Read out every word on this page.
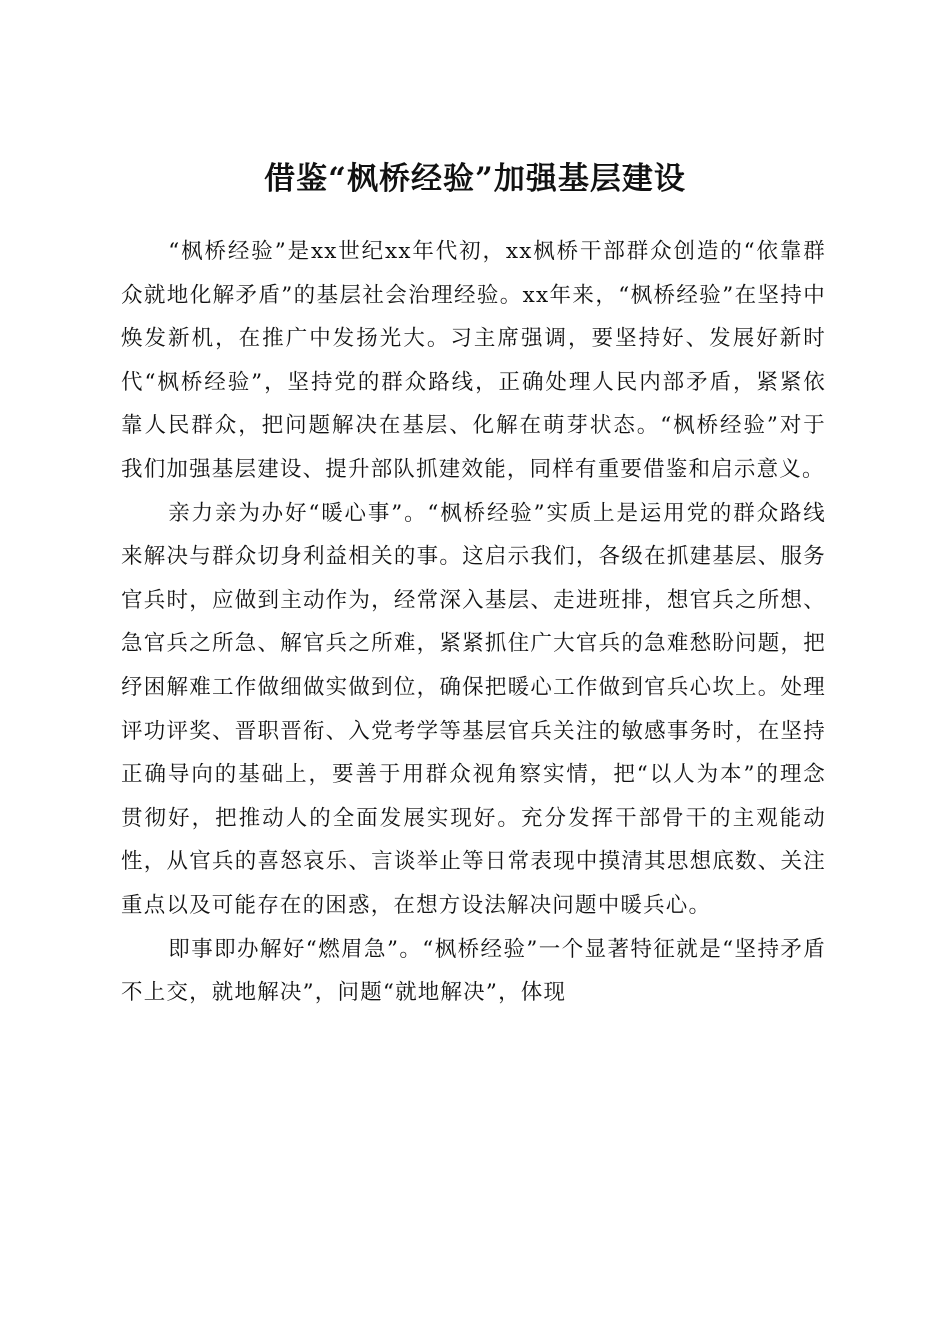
借鉴“枫桥经验”加强基层建设

“枫桥经验”是xx世纪xx年代初，xx枫桥干部群众创造的“依靠群众就地化解矛盾”的基层社会治理经验。xx年来，“枫桥经验”在坚持中焕发新机，在推广中发扬光大。习主席强调，要坚持好、发展好新时代“枫桥经验”，坚持党的群众路线，正确处理人民内部矛盾，紧紧依靠人民群众，把问题解决在基层、化解在萌芽状态。“枫桥经验”对于我们加强基层建设、提升部队抓建效能，同样有重要借鉴和启示意义。

亲力亲为办好“暖心事”。“枫桥经验”实质上是运用党的群众路线来解决与群众切身利益相关的事。这启示我们，各级在抓建基层、服务官兵时，应做到主动作为，经常深入基层、走进班排，想官兵之所想、急官兵之所急、解官兵之所难，紧紧抓住广大官兵的急难愁盼问题，把纾困解难工作做细做实做到位，确保把暖心工作做到官兵心坎上。处理评功评奖、晋职晋衔、入党考学等基层官兵关注的敏感事务时，在坚持正确导向的基础上，要善于用群众视角察实情，把“以人为本”的理念贯彻好，把推动人的全面发展实现好。充分发挥干部骨干的主观能动性，从官兵的喜怒哀乐、言谈举止等日常表现中摸清其思想底数、关注重点以及可能存在的困惑，在想方设法解决问题中暖兵心。

即事即办解好“燃眉急”。“枫桥经验”一个显著特征就是“坚持矛盾不上交，就地解决”，问题“就地解决”，体现
